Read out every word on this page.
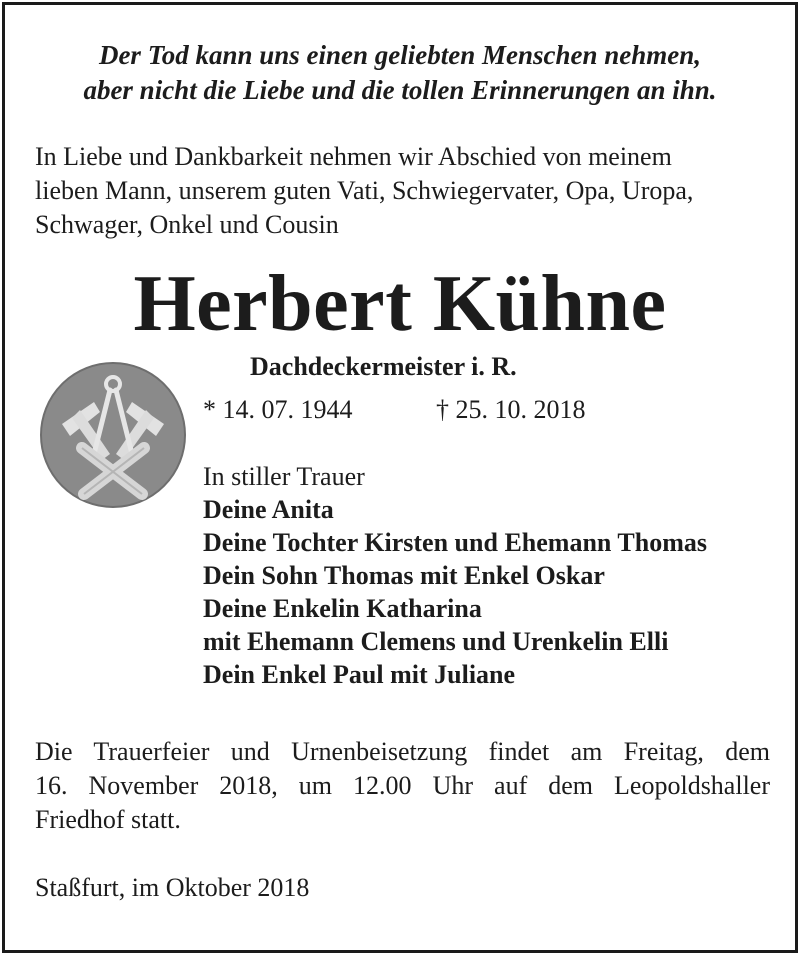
Der Tod kann uns einen geliebten Menschen nehmen,
aber nicht die Liebe und die tollen Erinnerungen an ihn.
In Liebe und Dankbarkeit nehmen wir Abschied von meinem
lieben Mann, unserem guten Vati, Schwiegervater, Opa, Uropa,
Schwager, Onkel und Cousin
Herbert Kühne
Dachdeckermeister i. R.
* 14. 07. 1944	† 25. 10. 2018
In stiller Trauer
Deine Anita
Deine Tochter Kirsten und Ehemann Thomas
Dein Sohn Thomas mit Enkel Oskar
Deine Enkelin Katharina
mit Ehemann Clemens und Urenkelin Elli
Dein Enkel Paul mit Juliane
Die Trauerfeier und Urnenbeisetzung findet am Freitag, dem
16. November 2018, um 12.00 Uhr auf dem Leopoldshaller
Friedhof statt.
Staßfurt, im Oktober 2018
